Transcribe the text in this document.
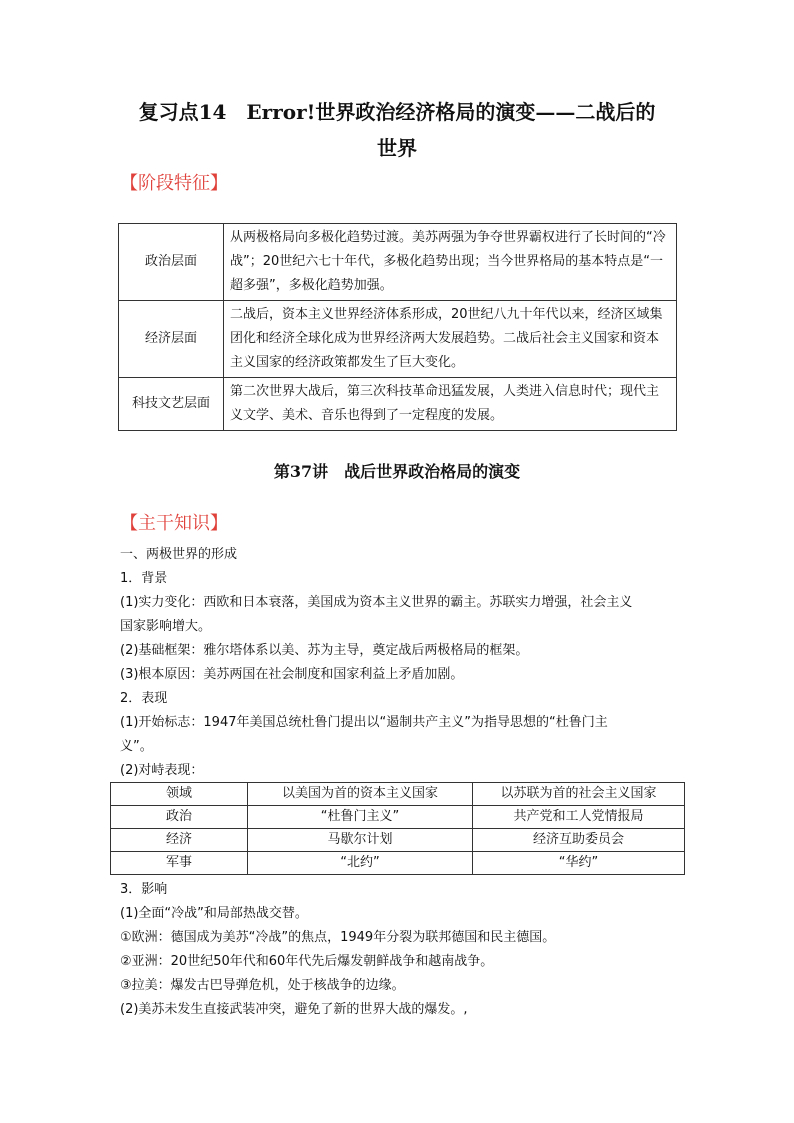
复习点14　Error!世界政治经济格局的演变——二战后的
世界
【阶段特征】
政治层面	从两极格局向多极化趋势过渡。美苏两强为争夺世界霸权进行了长时间的“冷战”；20世纪六七十年代，多极化趋势出现；当今世界格局的基本特点是“一超多强”，多极化趋势加强。
经济层面	二战后，资本主义世界经济体系形成，20世纪八九十年代以来，经济区域集团化和经济全球化成为世界经济两大发展趋势。二战后社会主义国家和资本主义国家的经济政策都发生了巨大变化。
科技文艺层面	第二次世界大战后，第三次科技革命迅猛发展，人类进入信息时代；现代主义文学、美术、音乐也得到了一定程度的发展。
第37讲　战后世界政治格局的演变
【主干知识】

一、两极世界的形成

1．背景

(1)实力变化：西欧和日本衰落，美国成为资本主义世界的霸主。苏联实力增强，社会主义

国家影响增大。

(2)基础框架：雅尔塔体系以美、苏为主导，奠定战后两极格局的框架。

(3)根本原因：美苏两国在社会制度和国家利益上矛盾加剧。

2．表现

(1)开始标志：1947年美国总统杜鲁门提出以“遏制共产主义”为指导思想的“杜鲁门主

义”。

(2)对峙表现：

领域	以美国为首的资本主义国家	以苏联为首的社会主义国家
政治	“杜鲁门主义”	共产党和工人党情报局
经济	马歇尔计划	经济互助委员会
军事	“北约”	“华约”

3．影响

(1)全面“冷战”和局部热战交替。

①欧洲：德国成为美苏“冷战”的焦点，1949年分裂为联邦德国和民主德国。

②亚洲：20世纪50年代和60年代先后爆发朝鲜战争和越南战争。

③拉美：爆发古巴导弹危机，处于核战争的边缘。

(2)美苏未发生直接武装冲突，避免了新的世界大战的爆发。,
